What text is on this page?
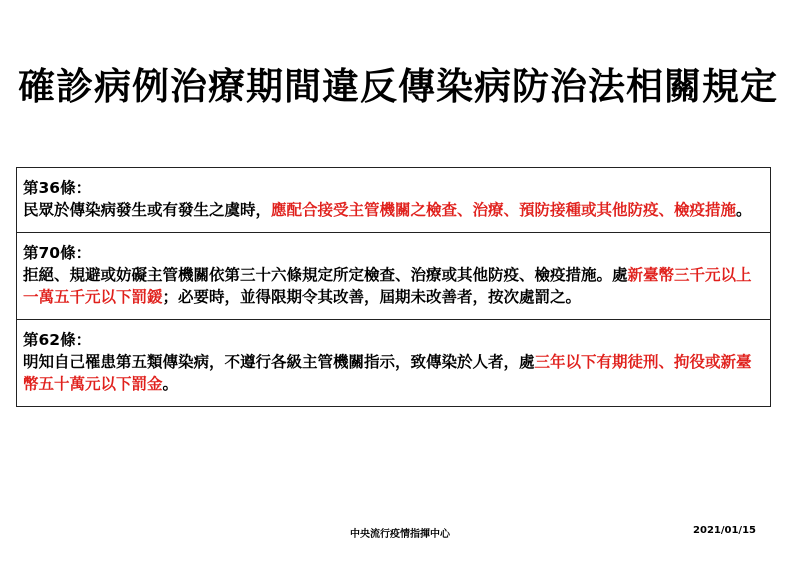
確診病例治療期間違反傳染病防治法相關規定
第36條：
民眾於傳染病發生或有發生之虞時，應配合接受主管機關之檢查、治療、預防接種或其他防疫、檢疫措施。
第70條：
拒絕、規避或妨礙主管機關依第三十六條規定所定檢查、治療或其他防疫、檢疫措施。處新臺幣三千元以上一萬五千元以下罰鍰；必要時，並得限期令其改善，屆期未改善者，按次處罰之。
第62條：
明知自己罹患第五類傳染病，不遵行各級主管機關指示，致傳染於人者，處三年以下有期徒刑、拘役或新臺幣五十萬元以下罰金。
中央流行疫情指揮中心	2021/01/15
